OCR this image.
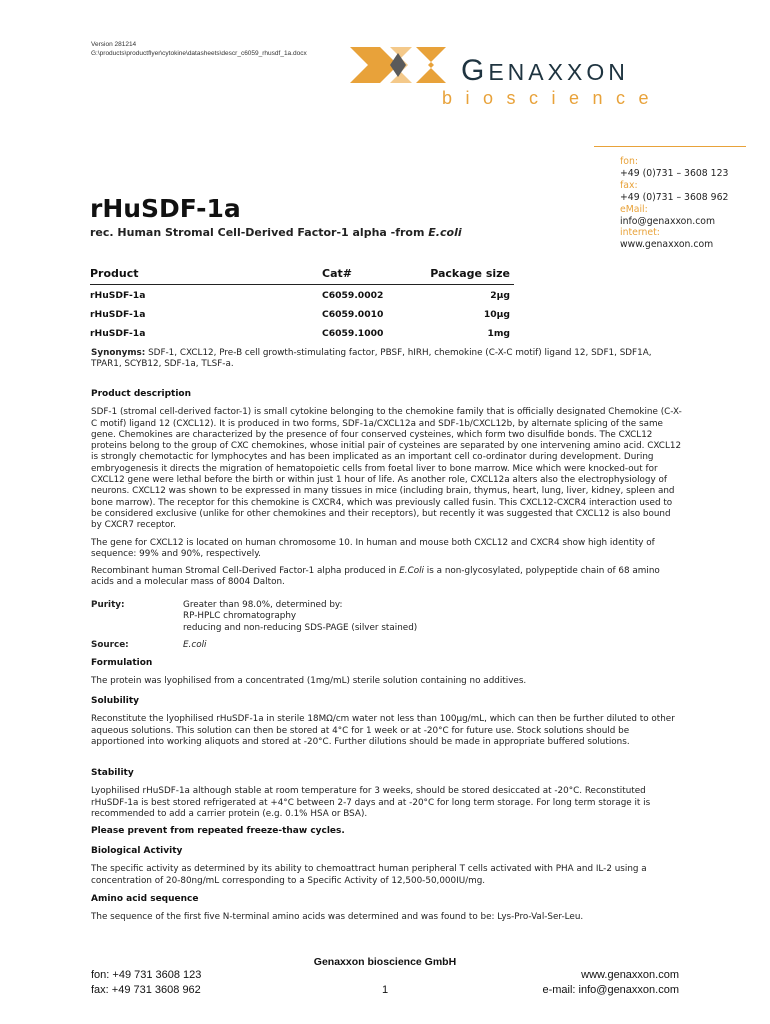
Version 281214
G:\products\productflyer\cytokine\datasheets\descr_c6059_rhusdf_1a.docx
GENAXXON
bioscience
fon:
+49 (0)731 – 3608 123
fax:
+49 (0)731 – 3608 962
eMail:
info@genaxxon.com
internet:
www.genaxxon.com
rHuSDF-1a
rec. Human Stromal Cell-Derived Factor-1 alpha -from E.coli
Product	Cat#	Package size
rHuSDF-1a	C6059.0002	2µg
rHuSDF-1a	C6059.0010	10µg
rHuSDF-1a	C6059.1000	1mg

Synonyms: SDF-1, CXCL12, Pre-B cell growth-stimulating factor, PBSF, hIRH, chemokine (C-X-C motif) ligand 12, SDF1, SDF1A, TPAR1, SCYB12, SDF-1a, TLSF-a.

Product description

SDF-1 (stromal cell-derived factor-1) is small cytokine belonging to the chemokine family that is officially designated Chemokine (C-X-C motif) ligand 12 (CXCL12). It is produced in two forms, SDF-1a/CXCL12a and SDF-1b/CXCL12b, by alternate splicing of the same gene. Chemokines are characterized by the presence of four conserved cysteines, which form two disulfide bonds. The CXCL12 proteins belong to the group of CXC chemokines, whose initial pair of cysteines are separated by one intervening amino acid. CXCL12 is strongly chemotactic for lymphocytes and has been implicated as an important cell co-ordinator during development. During embryogenesis it directs the migration of hematopoietic cells from foetal liver to bone marrow. Mice which were knocked-out for CXCL12 gene were lethal before the birth or within just 1 hour of life. As another role, CXCL12a alters also the electrophysiology of neurons. CXCL12 was shown to be expressed in many tissues in mice (including brain, thymus, heart, lung, liver, kidney, spleen and bone marrow). The receptor for this chemokine is CXCR4, which was previously called fusin. This CXCL12-CXCR4 interaction used to be considered exclusive (unlike for other chemokines and their receptors), but recently it was suggested that CXCL12 is also bound by CXCR7 receptor.

The gene for CXCL12 is located on human chromosome 10. In human and mouse both CXCL12 and CXCR4 show high identity of sequence: 99% and 90%, respectively.

Recombinant human Stromal Cell-Derived Factor-1 alpha produced in E.Coli is a non-glycosylated, polypeptide chain of 68 amino acids and a molecular mass of 8004 Dalton.

Purity:	Greater than 98.0%, determined by:
RP-HPLC chromatography
reducing and non-reducing SDS-PAGE (silver stained)
Source:	E.coli

Formulation

The protein was lyophilised from a concentrated (1mg/mL) sterile solution containing no additives.

Solubility

Reconstitute the lyophilised rHuSDF-1a in sterile 18MΩ/cm water not less than 100µg/mL, which can then be further diluted to other aqueous solutions. This solution can then be stored at 4°C for 1 week or at -20°C for future use. Stock solutions should be apportioned into working aliquots and stored at -20°C. Further dilutions should be made in appropriate buffered solutions.

Stability

Lyophilised rHuSDF-1a although stable at room temperature for 3 weeks, should be stored desiccated at -20°C. Reconstituted rHuSDF-1a is best stored refrigerated at +4°C between 2-7 days and at -20°C for long term storage. For long term storage it is recommended to add a carrier protein (e.g. 0.1% HSA or BSA).

Please prevent from repeated freeze-thaw cycles.

Biological Activity

The specific activity as determined by its ability to chemoattract human peripheral T cells activated with PHA and IL-2 using a concentration of 20-80ng/mL corresponding to a Specific Activity of 12,500-50,000IU/mg.

Amino acid sequence

The sequence of the first five N-terminal amino acids was determined and was found to be: Lys-Pro-Val-Ser-Leu.

Genaxxon bioscience GmbH
fon: +49 731 3608 123
fax: +49 731 3608 962	1
www.genaxxon.com
e-mail: info@genaxxon.com
